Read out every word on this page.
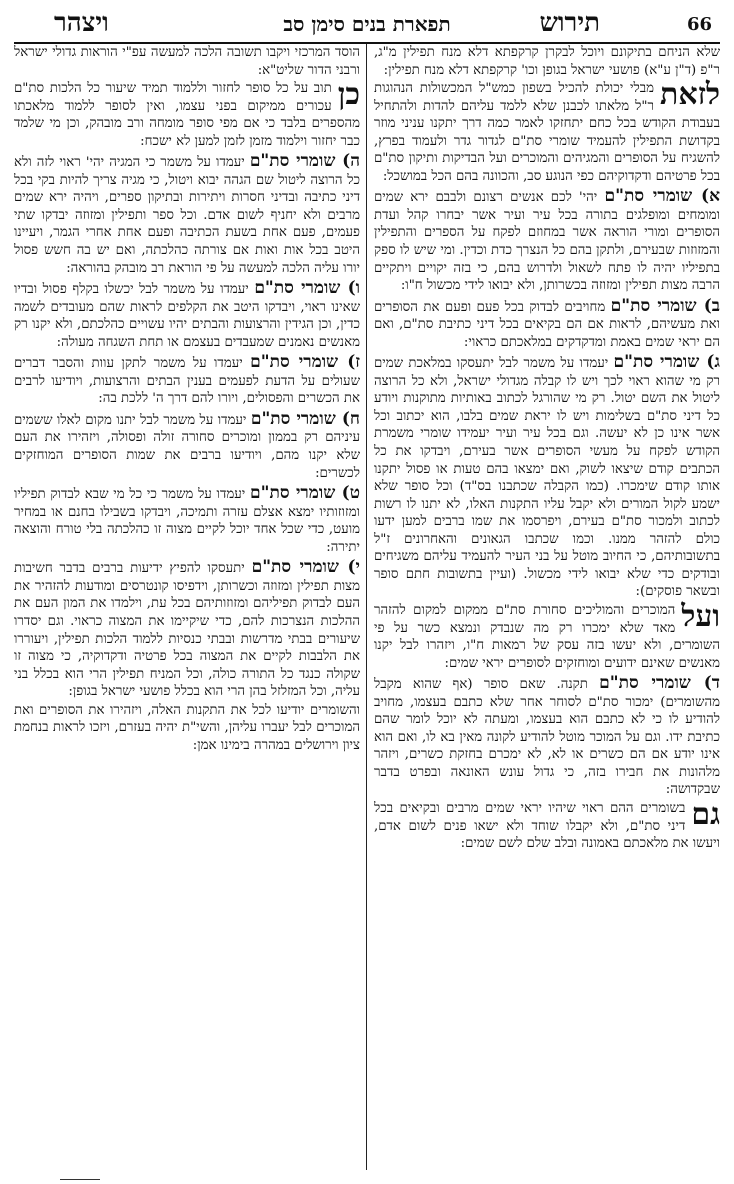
66
תירוש
תפארת בנים סימן סב
ויצהר

שלא הניחם בתיקונם ויוכל לבקרן קרקפתא דלא מנח תפילין מ"ג, ר"פ (ד"ן ע"א) פושעי ישראל בגופן וכו' קרקפתא דלא מנח תפילין:

לזאת
מבלי יכולת להכיל בשפון כמש"ל המכשולות הנהוגות ר"ל מלאתו לכבנן שלא ללמד עליהם להדות ולהתחיל בעבודת הקודש בכל כחם יתחזקו לאמר כמה דרך יתקנו עניני מוזר בקדושת התפילין להעמיד שומרי סת"ם לגדור גדר ולעמוד בפרץ, להשגיח על הסופרים והמגיהים והמוכרים ועל הבדיקות ותיקון סת"ם בכל פרטיהם ודקדוקיהם כפי הנוגע סב, והכוונה בהם הכל במושכל:

א) שומרי סת"ם יהי' לכם אנשים רצונם ולבבם ירא שמים ומומחים ומופלגים בתורה בכל עיר ועיר אשר יבחרו קהל ועדת הסופרים ומורי הוראה אשר במחוזם לפקח על הספרים והתפילין והמזוזות שבעירם, ולתקן בהם כל הנצרך כדת וכדין. ומי שיש לו ספק בתפיליו יהיה לו פתח לשאול ולדרוש בהם, כי בזה יקויים ויתקיים הרבה מצות תפילין ומזוזה בכשרותן, ולא יבואו לידי מכשול ח"ו:

ב) שומרי סת"ם מחויבים לבדוק בכל פעם ופעם את הסופרים ואת מעשיהם, לראות אם הם בקיאים בכל דיני כתיבת סת"ם, ואם הם יראי שמים באמת ומדקדקים במלאכתם כראוי:

ג) שומרי סת"ם יעמדו על משמר לבל יתעסקו במלאכת שמים רק מי שהוא ראוי לכך ויש לו קבלה מגדולי ישראל, ולא כל הרוצה ליטול את השם יטול. רק מי שהורגל לכתוב באותיות מתוקנות ויודע כל דיני סת"ם בשלימות ויש לו יראת שמים בלבו, הוא יכתוב וכל אשר אינו כן לא יעשה. וגם בכל עיר ועיר יעמידו שומרי משמרת הקודש לפקח על מעשי הסופרים אשר בעירם, ויבדקו את כל הכתבים קודם שיצאו לשוק, ואם ימצאו בהם טעות או פסול יתקנו אותו קודם שימכרו. (כמו הקבלה שכתבנו בס"ד) וכל סופר שלא ישמע לקול המורים ולא יקבל עליו התקנות האלו, לא יתנו לו רשות לכתוב ולמכור סת"ם בעירם, ויפרסמו את שמו ברבים למען ידעו כולם להזהר ממנו. וכמו שכתבו הגאונים והאחרונים ז"ל בתשובותיהם, כי החיוב מוטל על בני העיר להעמיד עליהם משגיחים ובודקים כדי שלא יבואו לידי מכשול. (ועיין בתשובות חתם סופר ובשאר פוסקים):

ועל
המוכרים והמוליכים סחורת סת"ם ממקום למקום להזהר מאד שלא ימכרו רק מה שנבדק ונמצא כשר על פי השומרים, ולא יעשו בזה עסק של רמאות ח"ו, ויזהרו לבל יקנו מאנשים שאינם ידועים ומוחזקים לסופרים יראי שמים:

ד) שומרי סת"ם תקנה. שאם סופר (אף שהוא מקבל מהשומרים) ימכור סת"ם לסוחר אחר שלא כתבם בעצמו, מחויב להודיע לו כי לא כתבם הוא בעצמו, ומעתה לא יוכל לומר שהם כתיבת ידו. וגם על המוכר מוטל להודיע לקונה מאין בא לו, ואם הוא אינו יודע אם הם כשרים או לא, לא ימכרם בחזקת כשרים, ויזהר מלהונות את חבירו בזה, כי גדול עונש האונאה ובפרט בדבר שבקדושה:

גם
בשומרים ההם ראוי שיהיו יראי שמים מרבים ובקיאים בכל דיני סת"ם, ולא יקבלו שוחד ולא ישאו פנים לשום אדם, ויעשו את מלאכתם באמונה ובלב שלם לשם שמים:

הוסד המרכזי ויקבו תשובה הלכה למעשה עפ"י הוראות גדולי ישראל ורבני הדור שליט"א:

כן
תוב על כל סופר לחזור וללמוד תמיד שיעור כל הלכות סת"ם עכורים ממיקום בפני עצמו, ואין לסופר ללמוד מלאכתו מהספרים בלבד כי אם מפי סופר מומחה ורב מובהק, וכן מי שלמד כבר יחזור וילמוד מזמן לזמן למען לא ישכח:

ה) שומרי סת"ם יעמדו על משמר כי המגיה יהי' ראוי לזה ולא כל הרוצה ליטול שם הגהה יבוא ויטול, כי מגיה צריך להיות בקי בכל דיני כתיבה ובדיני חסרות ויתירות ובתיקון ספרים, ויהיה ירא שמים מרבים ולא יחניף לשום אדם. וכל ספר ותפילין ומזוזה יבדקו שתי פעמים, פעם אחת בשעת הכתיבה ופעם אחת אחרי הגמר, ויעיינו היטב בכל אות ואות אם צורתה כהלכתה, ואם יש בה חשש פסול יורו עליה הלכה למעשה על פי הוראת רב מובהק בהוראה:

ו) שומרי סת"ם יעמדו על משמר לבל יכשלו בקלף פסול ובדיו שאינו ראוי, ויבדקו היטב את הקלפים לראות שהם מעובדים לשמה כדין, וכן הגידין והרצועות והבתים יהיו עשויים כהלכתם, ולא יקנו רק מאנשים נאמנים שמעבדים בעצמם או תחת השגחה מעולה:

ז) שומרי סת"ם יעמדו על משמר לתקן עוות והסבר דברים שעולים על הדעת לפעמים בענין הבתים והרצועות, ויודיעו לרבים את הכשרים והפסולים, ויורו להם דרך ה' ללכת בה:

ח) שומרי סת"ם יעמדו על משמר לבל יתנו מקום לאלו ששמים עיניהם רק בממון ומוכרים סחורה זולה ופסולה, ויזהירו את העם שלא יקנו מהם, ויודיעו ברבים את שמות הסופרים המוחזקים לכשרים:

ט) שומרי סת"ם יעמדו על משמר כי כל מי שבא לבדוק תפיליו ומזוזותיו ימצא אצלם עזרה ותמיכה, ויבדקו בשבילו בחנם או במחיר מועט, כדי שכל אחד יוכל לקיים מצוה זו כהלכתה בלי טורח והוצאה יתירה:

י) שומרי סת"ם יתעסקו להפיץ ידיעות ברבים בדבר חשיבות מצות תפילין ומזוזה וכשרותן, וידפיסו קונטרסים ומודעות להזהיר את העם לבדוק תפיליהם ומזוזותיהם בכל עת, וילמדו את המון העם את ההלכות הנצרכות להם, כדי שיקיימו את המצוה כראוי. וגם יסדרו שיעורים בבתי מדרשות ובבתי כנסיות ללמוד הלכות תפילין, ויעוררו את הלבבות לקיים את המצוה בכל פרטיה ודקדוקיה, כי מצוה זו שקולה כנגד כל התורה כולה, וכל המניח תפילין הרי הוא בכלל בני עליה, וכל המזלזל בהן הרי הוא בכלל פושעי ישראל בגופן:

והשומרים יודיעו לכל את התקנות האלה, ויזהירו את הסופרים ואת המוכרים לבל יעברו עליהן, והשי"ת יהיה בעזרם, ויזכו לראות בנחמת ציון וירושלים במהרה בימינו אמן:
